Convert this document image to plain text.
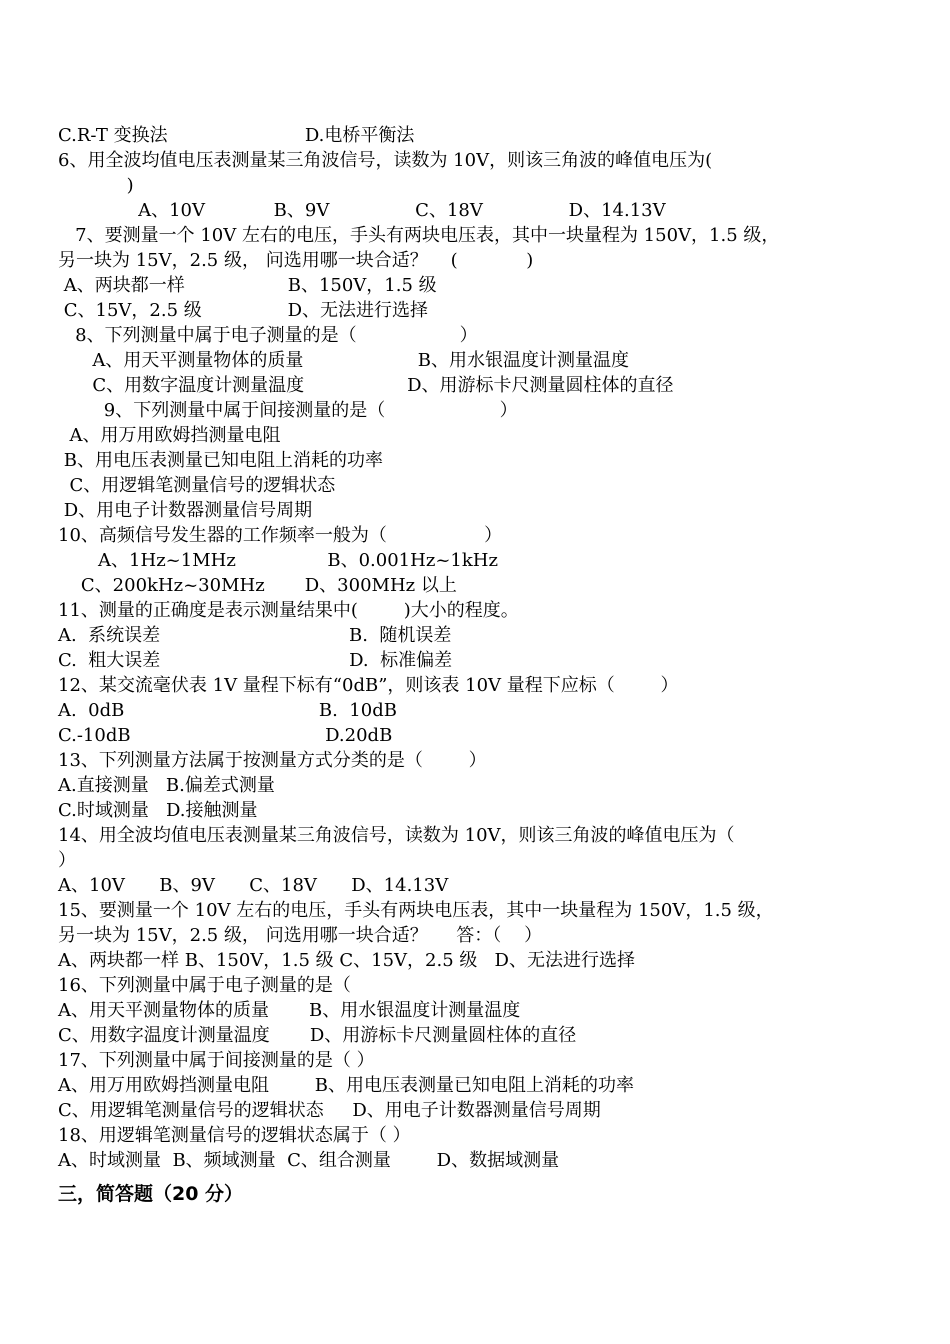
C.R-T 变换法                        D.电桥平衡法
6、用全波均值电压表测量某三角波信号，读数为 10V，则该三角波的峰值电压为(
)
A、10V            B、9V               C、18V               D、14.13V
7、要测量一个 10V 左右的电压，手头有两块电压表，其中一块量程为 150V，1.5 级，
另一块为 15V，2.5 级， 问选用哪一块合适？    (            )
A、两块都一样                  B、150V，1.5 级
C、15V，2.5 级               D、无法进行选择
8、下列测量中属于电子测量的是（                  ）
A、用天平测量物体的质量                    B、用水银温度计测量温度
C、用数字温度计测量温度                  D、用游标卡尺测量圆柱体的直径
9、下列测量中属于间接测量的是（                    ）
A、用万用欧姆挡测量电阻
B、用电压表测量已知电阻上消耗的功率
C、用逻辑笔测量信号的逻辑状态
D、用电子计数器测量信号周期
10、高频信号发生器的工作频率一般为（                 ）
A、1Hz~1MHz                B、0.001Hz~1kHz
C、200kHz~30MHz       D、300MHz 以上
11、测量的正确度是表示测量结果中(        )大小的程度。
A.  系统误差                                 B.  随机误差
C.  粗大误差                                 D.  标准偏差
12、某交流毫伏表 1V 量程下标有“0dB”，则该表 10V 量程下应标（        ）
A.  0dB                                  B.  10dB
C.-10dB                                  D.20dB
13、下列测量方法属于按测量方式分类的是（        ）
A.直接测量   B.偏差式测量
C.时域测量   D.接触测量
14、用全波均值电压表测量某三角波信号，读数为 10V，则该三角波的峰值电压为（
）
A、10V      B、9V      C、18V      D、14.13V
15、要测量一个 10V 左右的电压，手头有两块电压表，其中一块量程为 150V，1.5 级，
另一块为 15V，2.5 级， 问选用哪一块合适？     答：（    ）
A、两块都一样 B、150V，1.5 级 C、15V，2.5 级   D、无法进行选择
16、下列测量中属于电子测量的是（
A、用天平测量物体的质量       B、用水银温度计测量温度
C、用数字温度计测量温度       D、用游标卡尺测量圆柱体的直径
17、下列测量中属于间接测量的是（ ）
A、用万用欧姆挡测量电阻        B、用电压表测量已知电阻上消耗的功率
C、用逻辑笔测量信号的逻辑状态     D、用电子计数器测量信号周期
18、用逻辑笔测量信号的逻辑状态属于（ ）
A、时域测量  B、频域测量  C、组合测量        D、数据域测量
三，简答题（20 分）
